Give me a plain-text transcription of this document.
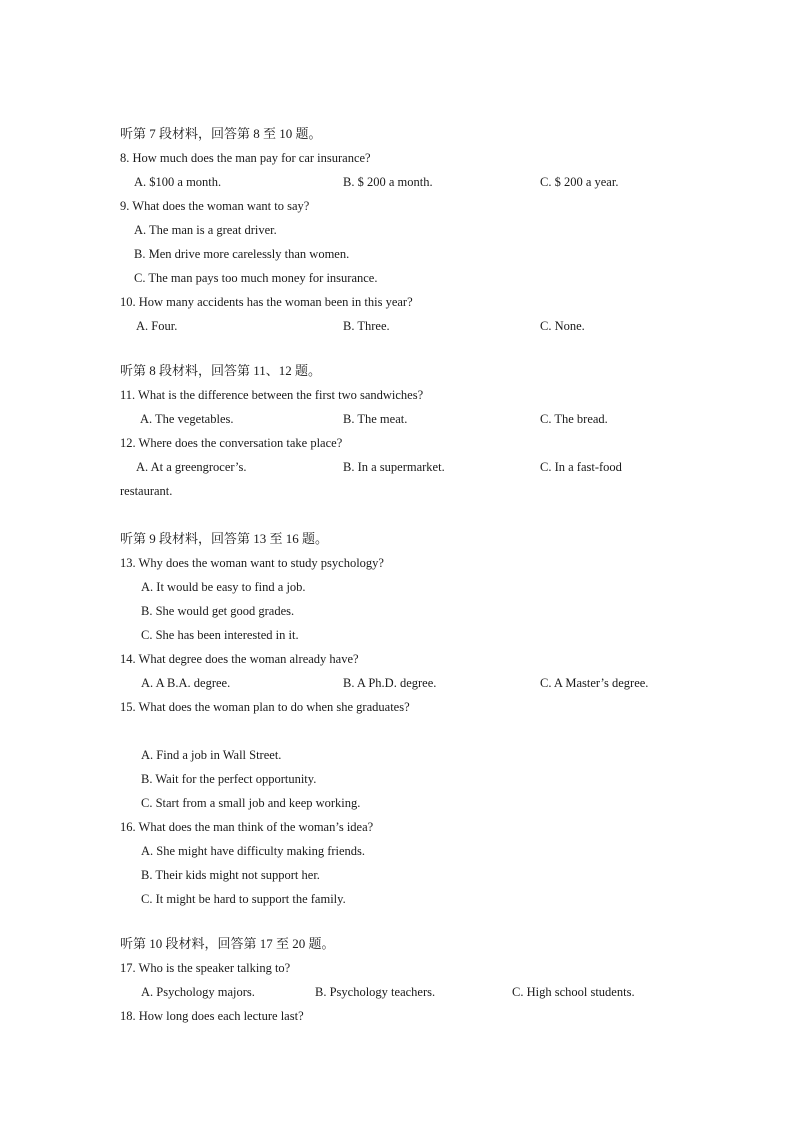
听第 7 段材料，回答第 8 至 10 题。
8. How much does the man pay for car insurance?
A. $100 a month.	B. $ 200 a month.	C. $ 200 a year.
9. What does the woman want to say?
A. The man is a great driver.
B. Men drive more carelessly than women.
C. The man pays too much money for insurance.
10. How many accidents has the woman been in this year?
A. Four.	B. Three.	C. None.
听第 8 段材料，回答第 11、12 题。
11. What is the difference between the first two sandwiches?
A. The vegetables.	B. The meat.	C. The bread.
12. Where does the conversation take place?
A. At a greengrocer’s.	B. In a supermarket.	C. In a fast-food
restaurant.
听第 9 段材料，回答第 13 至 16 题。
13. Why does the woman want to study psychology?
A. It would be easy to find a job.
B. She would get good grades.
C. She has been interested in it.
14. What degree does the woman already have?
A. A B.A. degree.	B. A Ph.D. degree.	C. A Master’s degree.
15. What does the woman plan to do when she graduates?
A. Find a job in Wall Street.
B. Wait for the perfect opportunity.
C. Start from a small job and keep working.
16. What does the man think of the woman’s idea?
A. She might have difficulty making friends.
B. Their kids might not support her.
C. It might be hard to support the family.
听第 10 段材料，回答第 17 至 20 题。
17. Who is the speaker talking to?
A. Psychology majors.	B. Psychology teachers.	C. High school students.
18. How long does each lecture last?
